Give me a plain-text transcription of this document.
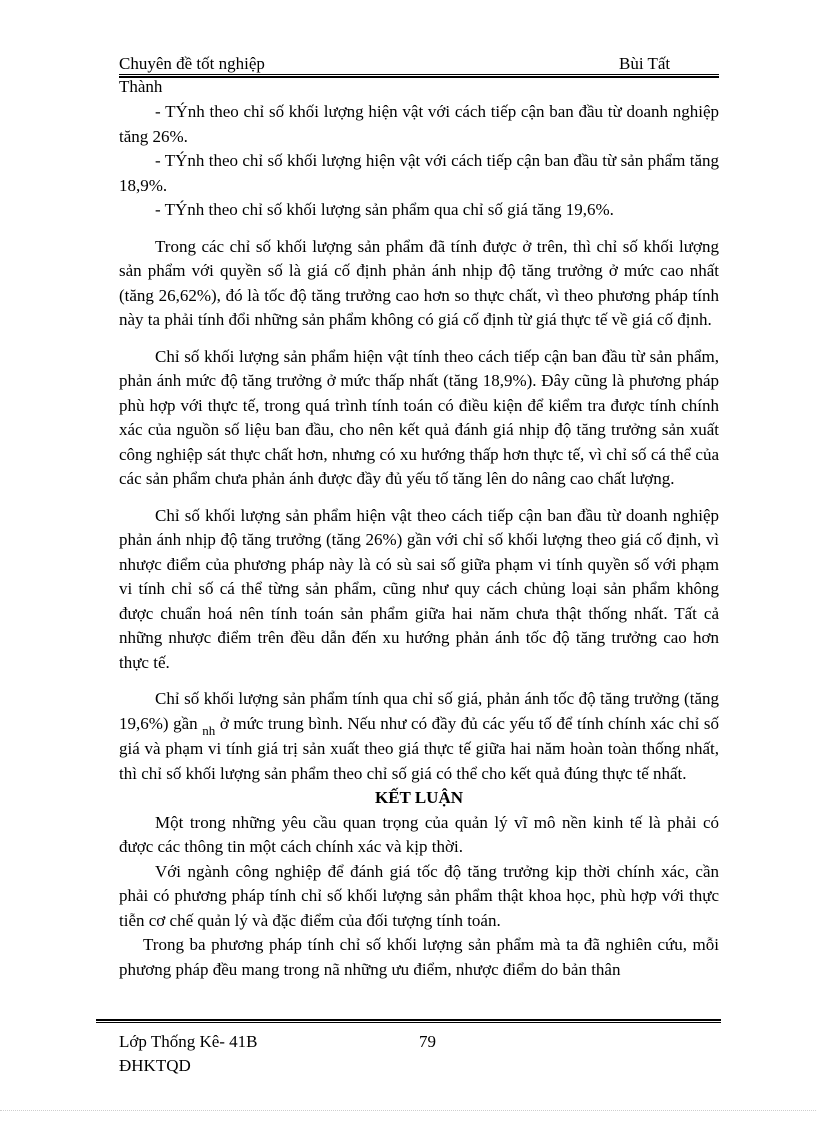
Chuyên đề tốt nghiệp	Bùi Tất
Thành

- TÝnh theo chỉ số khối lượng hiện vật với cách tiếp cận ban đầu từ doanh nghiệp tăng 26%.

- TÝnh theo chỉ số khối lượng hiện vật với cách tiếp cận ban đầu từ sản phẩm tăng 18,9%.

- TÝnh theo chỉ số khối lượng sản phẩm qua chỉ số giá tăng 19,6%.

Trong các chỉ số khối lượng sản phẩm đã tính được ở trên, thì chỉ số khối lượng sản phẩm với quyền số là giá cố định phản ánh nhịp độ tăng trưởng ở mức cao nhất (tăng 26,62%), đó là tốc độ tăng trưởng cao hơn so thực chất, vì theo phương pháp tính này ta phải tính đổi những sản phẩm không có giá cố định từ giá thực tế về giá cố định.

Chỉ số khối lượng sản phẩm hiện vật tính theo cách tiếp cận ban đầu từ sản phẩm, phản ánh mức độ tăng trưởng ở mức thấp nhất (tăng 18,9%). Đây cũng là phương pháp phù hợp với thực tế, trong quá trình tính toán có điều kiện để kiểm tra được tính chính xác của nguồn số liệu ban đầu, cho nên kết quả đánh giá nhịp độ tăng trưởng sản xuất công nghiệp sát thực chất hơn, nhưng có xu hướng thấp hơn thực tế, vì chỉ số cá thể của các sản phẩm chưa phản ánh được đầy đủ yếu tố tăng lên do nâng cao chất lượng.

Chỉ số khối lượng sản phẩm hiện vật theo cách tiếp cận ban đầu từ doanh nghiệp phản ánh nhịp độ tăng trưởng (tăng 26%) gần với chỉ số khối lượng theo giá cố định, vì nhược điểm của phương pháp này là có sù sai số giữa phạm vi tính quyền số với phạm vi tính chỉ số cá thể từng sản phẩm, cũng như quy cách chủng loại sản phẩm không được chuẩn hoá nên tính toán sản phẩm giữa hai năm chưa thật thống nhất. Tất cả những nhược điểm trên đều dẫn đến xu hướng phản ánh tốc độ tăng trưởng cao hơn thực tế.

Chỉ số khối lượng sản phẩm tính qua chỉ số giá, phản ánh tốc độ tăng trưởng (tăng 19,6%) gần $_{nh}$ ở mức trung bình. Nếu như có đầy đủ các yếu tố để tính chính xác chỉ số giá và phạm vi tính giá trị sản xuất theo giá thực tế giữa hai năm hoàn toàn thống nhất, thì chỉ số khối lượng sản phẩm theo chỉ số giá có thể cho kết quả đúng thực tế nhất.

KẾT LUẬN

Một trong những yêu cầu quan trọng của quản lý vĩ mô nền kinh tế là phải có được các thông tin một cách chính xác và kịp thời.

Với ngành công nghiệp để đánh giá tốc độ tăng trưởng kịp thời chính xác, cần phải có phương pháp tính chỉ số khối lượng sản phẩm thật khoa học, phù hợp với thực tiễn cơ chế quản lý và đặc điểm của đối tượng tính toán.

Trong ba phương pháp tính chỉ số khối lượng sản phẩm mà ta đã nghiên cứu, mỗi phương pháp đều mang trong nã những ưu điểm, nhược điểm do bản thân

Lớp Thống Kê- 41B	79
ĐHKTQD
